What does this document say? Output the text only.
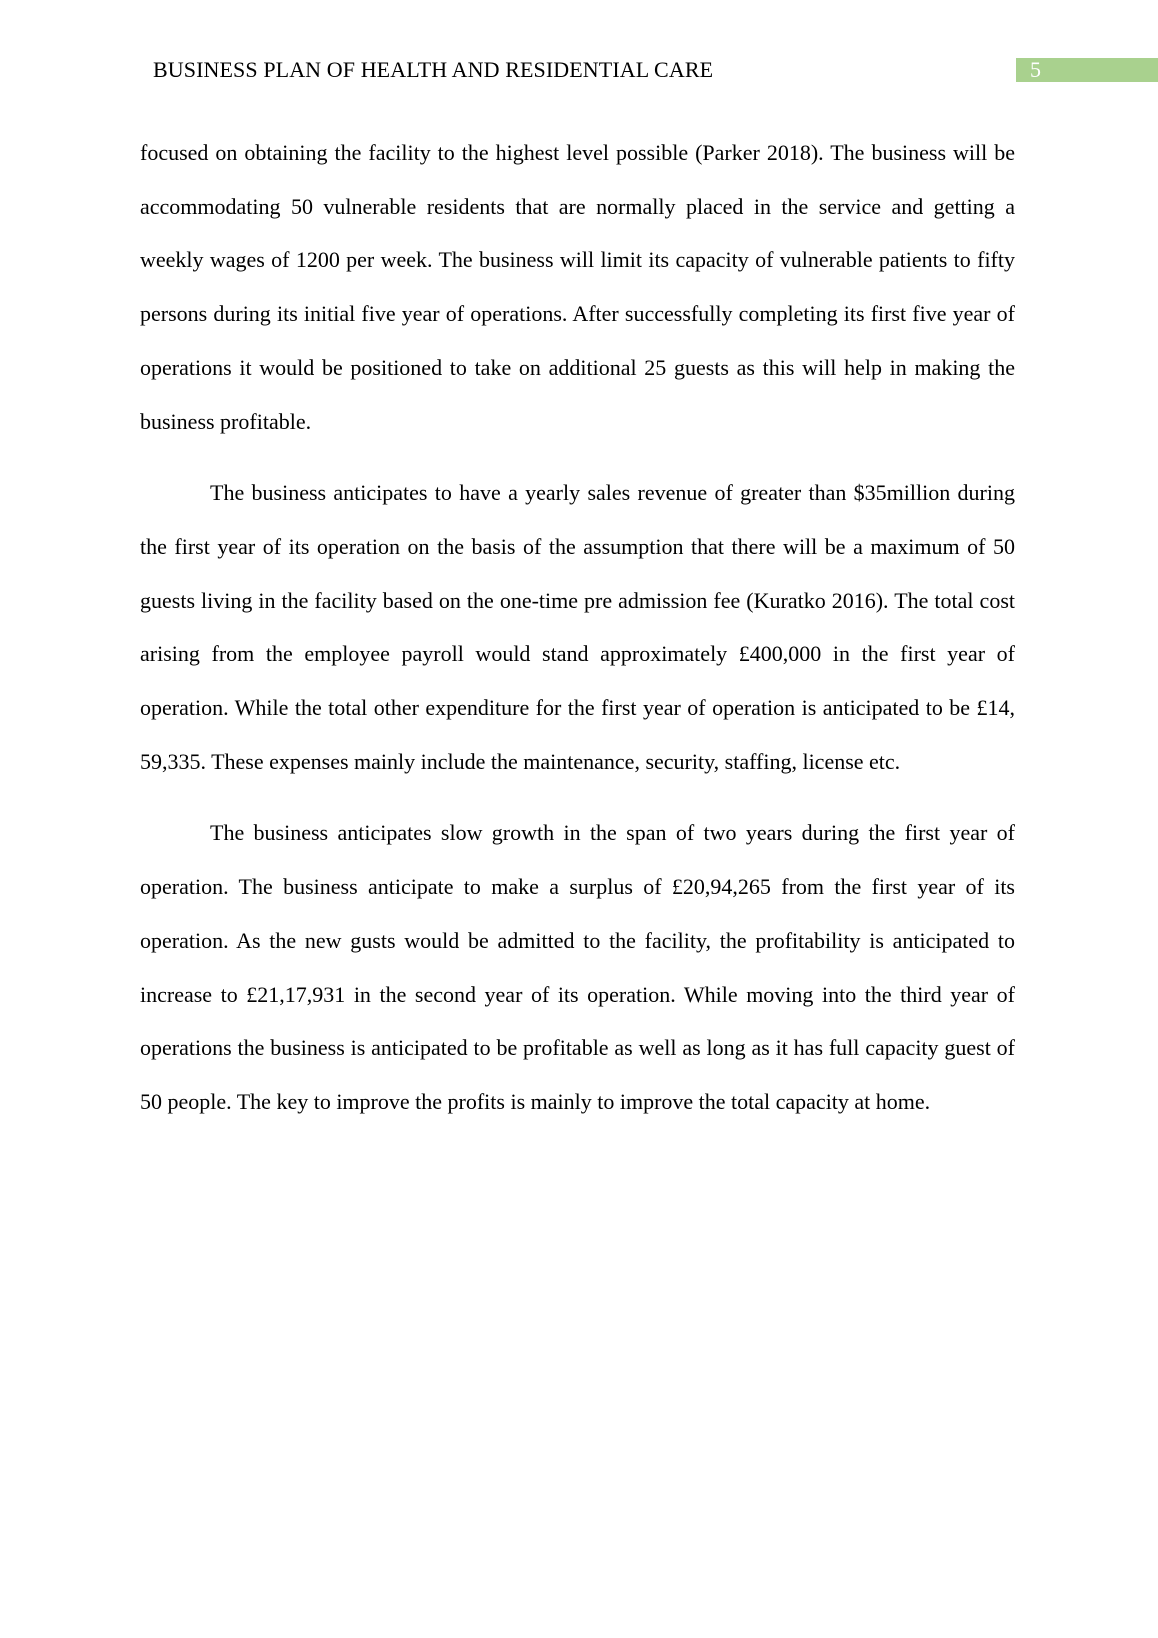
BUSINESS PLAN OF HEALTH AND RESIDENTIAL CARE	5

focused on obtaining the facility to the highest level possible (Parker 2018). The business will be accommodating 50 vulnerable residents that are normally placed in the service and getting a weekly wages of 1200 per week. The business will limit its capacity of vulnerable patients to fifty persons during its initial five year of operations. After successfully completing its first five year of operations it would be positioned to take on additional 25 guests as this will help in making the business profitable.

The business anticipates to have a yearly sales revenue of greater than $35million during the first year of its operation on the basis of the assumption that there will be a maximum of 50 guests living in the facility based on the one-time pre admission fee (Kuratko 2016). The total cost arising from the employee payroll would stand approximately £400,000 in the first year of operation. While the total other expenditure for the first year of operation is anticipated to be £14, 59,335. These expenses mainly include the maintenance, security, staffing, license etc.

The business anticipates slow growth in the span of two years during the first year of operation. The business anticipate to make a surplus of £20,94,265 from the first year of its operation. As the new gusts would be admitted to the facility, the profitability is anticipated to increase to £21,17,931 in the second year of its operation. While moving into the third year of operations the business is anticipated to be profitable as well as long as it has full capacity guest of 50 people. The key to improve the profits is mainly to improve the total capacity at home.
